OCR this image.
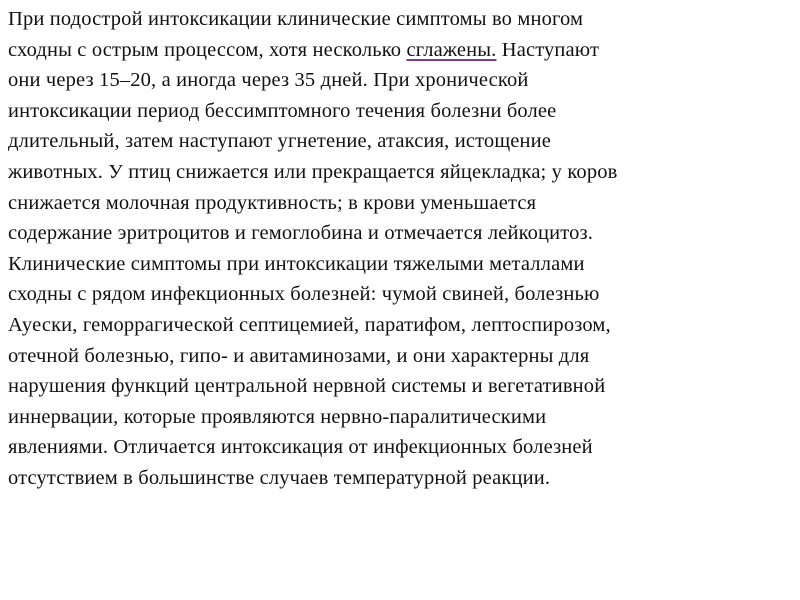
При подострой интоксикации клинические симптомы во многом
сходны с острым процессом, хотя несколько сглажены. Наступают
они через 15–20, а иногда через 35 дней. При хронической
интоксикации период бессимптомного течения болезни более
длительный, затем наступают угнетение, атаксия, истощение
животных. У птиц снижается или прекращается яйцекладка; у коров
снижается молочная продуктивность; в крови уменьшается
содержание эритроцитов и гемоглобина и отмечается лейкоцитоз.
Клинические симптомы при интоксикации тяжелыми металлами
сходны с рядом инфекционных болезней: чумой свиней, болезнью
Ауески, геморрагической септицемией, паратифом, лептоспирозом,
отечной болезнью, гипо- и авитаминозами, и они характерны для
нарушения функций центральной нервной системы и вегетативной
иннервации, которые проявляются нервно-паралитическими
явлениями. Отличается интоксикация от инфекционных болезней
отсутствием в большинстве случаев температурной реакции.
